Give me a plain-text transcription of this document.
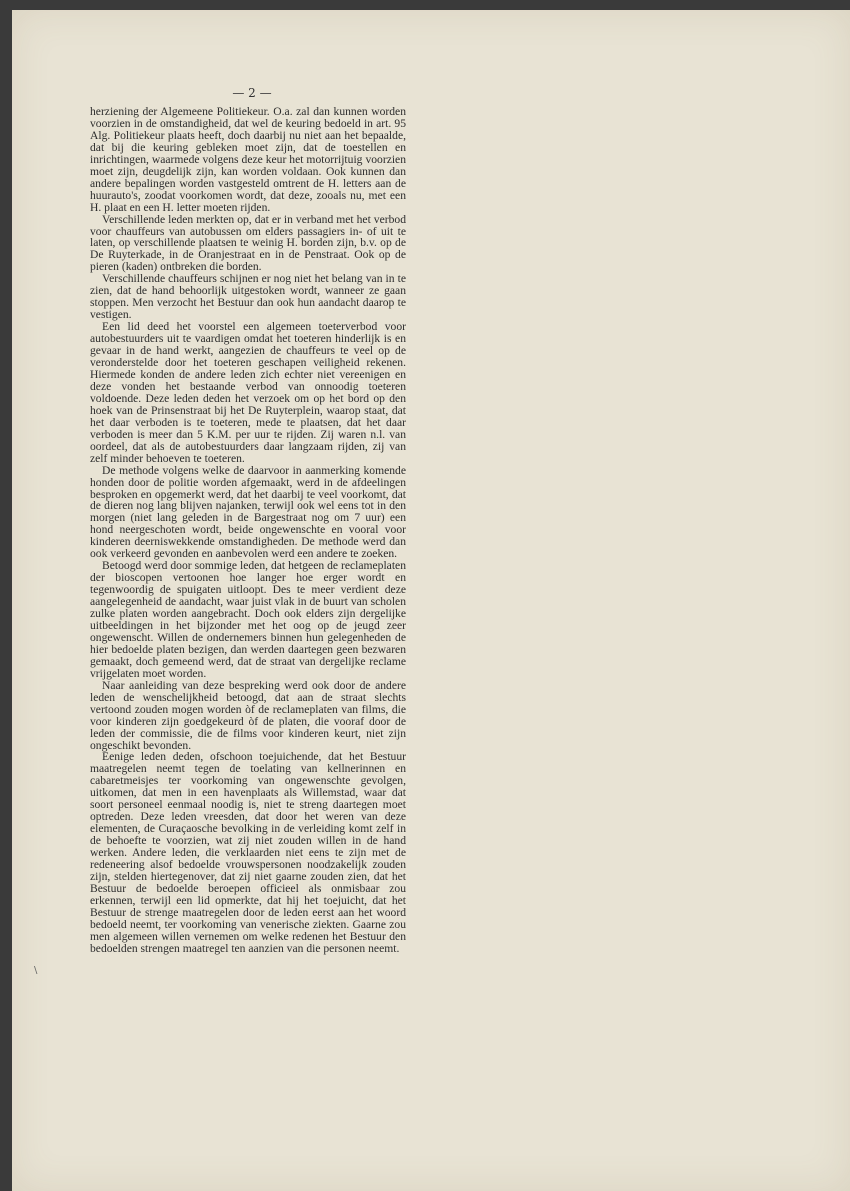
— 2 —

herziening der Algemeene Politiekeur. O.a. zal dan kunnen worden voorzien in de omstandigheid, dat wel de keuring bedoeld in art. 95 Alg. Politiekeur plaats heeft, doch daarbij nu niet aan het bepaalde, dat bij die keuring gebleken moet zijn, dat de toestellen en inrichtingen, waarmede volgens deze keur het motorrijtuig voorzien moet zijn, deugdelijk zijn, kan worden voldaan. Ook kunnen dan andere bepalingen worden vastgesteld omtrent de H. letters aan de huurauto's, zoodat voorkomen wordt, dat deze, zooals nu, met een H. plaat en een H. letter moeten rijden.

Verschillende leden merkten op, dat er in verband met het verbod voor chauffeurs van autobussen om elders passagiers in- of uit te laten, op verschillende plaatsen te weinig H. borden zijn, b.v. op de De Ruyterkade, in de Oranjestraat en in de Penstraat. Ook op de pieren (kaden) ontbreken die borden.

Verschillende chauffeurs schijnen er nog niet het belang van in te zien, dat de hand behoorlijk uitgestoken wordt, wanneer ze gaan stoppen. Men verzocht het Bestuur dan ook hun aandacht daarop te vestigen.

Een lid deed het voorstel een algemeen toeterverbod voor autobestuurders uit te vaardigen omdat het toeteren hinderlijk is en gevaar in de hand werkt, aangezien de chauffeurs te veel op de veronderstelde door het toeteren geschapen veiligheid rekenen. Hiermede konden de andere leden zich echter niet vereenigen en deze vonden het bestaande verbod van onnoodig toeteren voldoende. Deze leden deden het verzoek om op het bord op den hoek van de Prinsenstraat bij het De Ruyterplein, waarop staat, dat het daar verboden is te toeteren, mede te plaatsen, dat het daar verboden is meer dan 5 K.M. per uur te rijden. Zij waren n.l. van oordeel, dat als de autobestuurders daar langzaam rijden, zij van zelf minder behoeven te toeteren.

De methode volgens welke de daarvoor in aanmerking komende honden door de politie worden afgemaakt, werd in de afdeelingen besproken en opgemerkt werd, dat het daarbij te veel voorkomt, dat de dieren nog lang blijven najanken, terwijl ook wel eens tot in den morgen (niet lang geleden in de Bargestraat nog om 7 uur) een hond neergeschoten wordt, beide ongewenschte en vooral voor kinderen deerniswekkende omstandigheden. De methode werd dan ook verkeerd gevonden en aanbevolen werd een andere te zoeken.

Betoogd werd door sommige leden, dat hetgeen de reclameplaten der bioscopen vertoonen hoe langer hoe erger wordt en tegenwoordig de spuigaten uitloopt. Des te meer verdient deze aangelegenheid de aandacht, waar juist vlak in de buurt van scholen zulke platen worden aangebracht. Doch ook elders zijn dergelijke uitbeeldingen in het bijzonder met het oog op de jeugd zeer ongewenscht. Willen de ondernemers binnen hun gelegenheden de hier bedoelde platen bezigen, dan werden daartegen geen bezwaren gemaakt, doch gemeend werd, dat de straat van dergelijke reclame vrijgelaten moet worden.

Naar aanleiding van deze bespreking werd ook door de andere leden de wenschelijkheid betoogd, dat aan de straat slechts vertoond zouden mogen worden òf de reclameplaten van films, die voor kinderen zijn goedgekeurd òf de platen, die vooraf door de leden der commissie, die de films voor kinderen keurt, niet zijn ongeschikt bevonden.

Eenige leden deden, ofschoon toejuichende, dat het Bestuur maatregelen neemt tegen de toelating van kellnerinnen en cabaretmeisjes ter voorkoming van ongewenschte gevolgen, uitkomen, dat men in een havenplaats als Willemstad, waar dat soort personeel eenmaal noodig is, niet te streng daartegen moet optreden. Deze leden vreesden, dat door het weren van deze elementen, de Curaçaosche bevolking in de verleiding komt zelf in de behoefte te voorzien, wat zij niet zouden willen in de hand werken. Andere leden, die verklaarden niet eens te zijn met de redeneering alsof bedoelde vrouwspersonen noodzakelijk zouden zijn, stelden hiertegenover, dat zij niet gaarne zouden zien, dat het Bestuur de bedoelde beroepen officieel als onmisbaar zou erkennen, terwijl een lid opmerkte, dat hij het toejuicht, dat het Bestuur de strenge maatregelen door de leden eerst aan het woord bedoeld neemt, ter voorkoming van venerische ziekten. Gaarne zou men algemeen willen vernemen om welke redenen het Bestuur den bedoelden strengen maatregel ten aanzien van die personen neemt.

\
